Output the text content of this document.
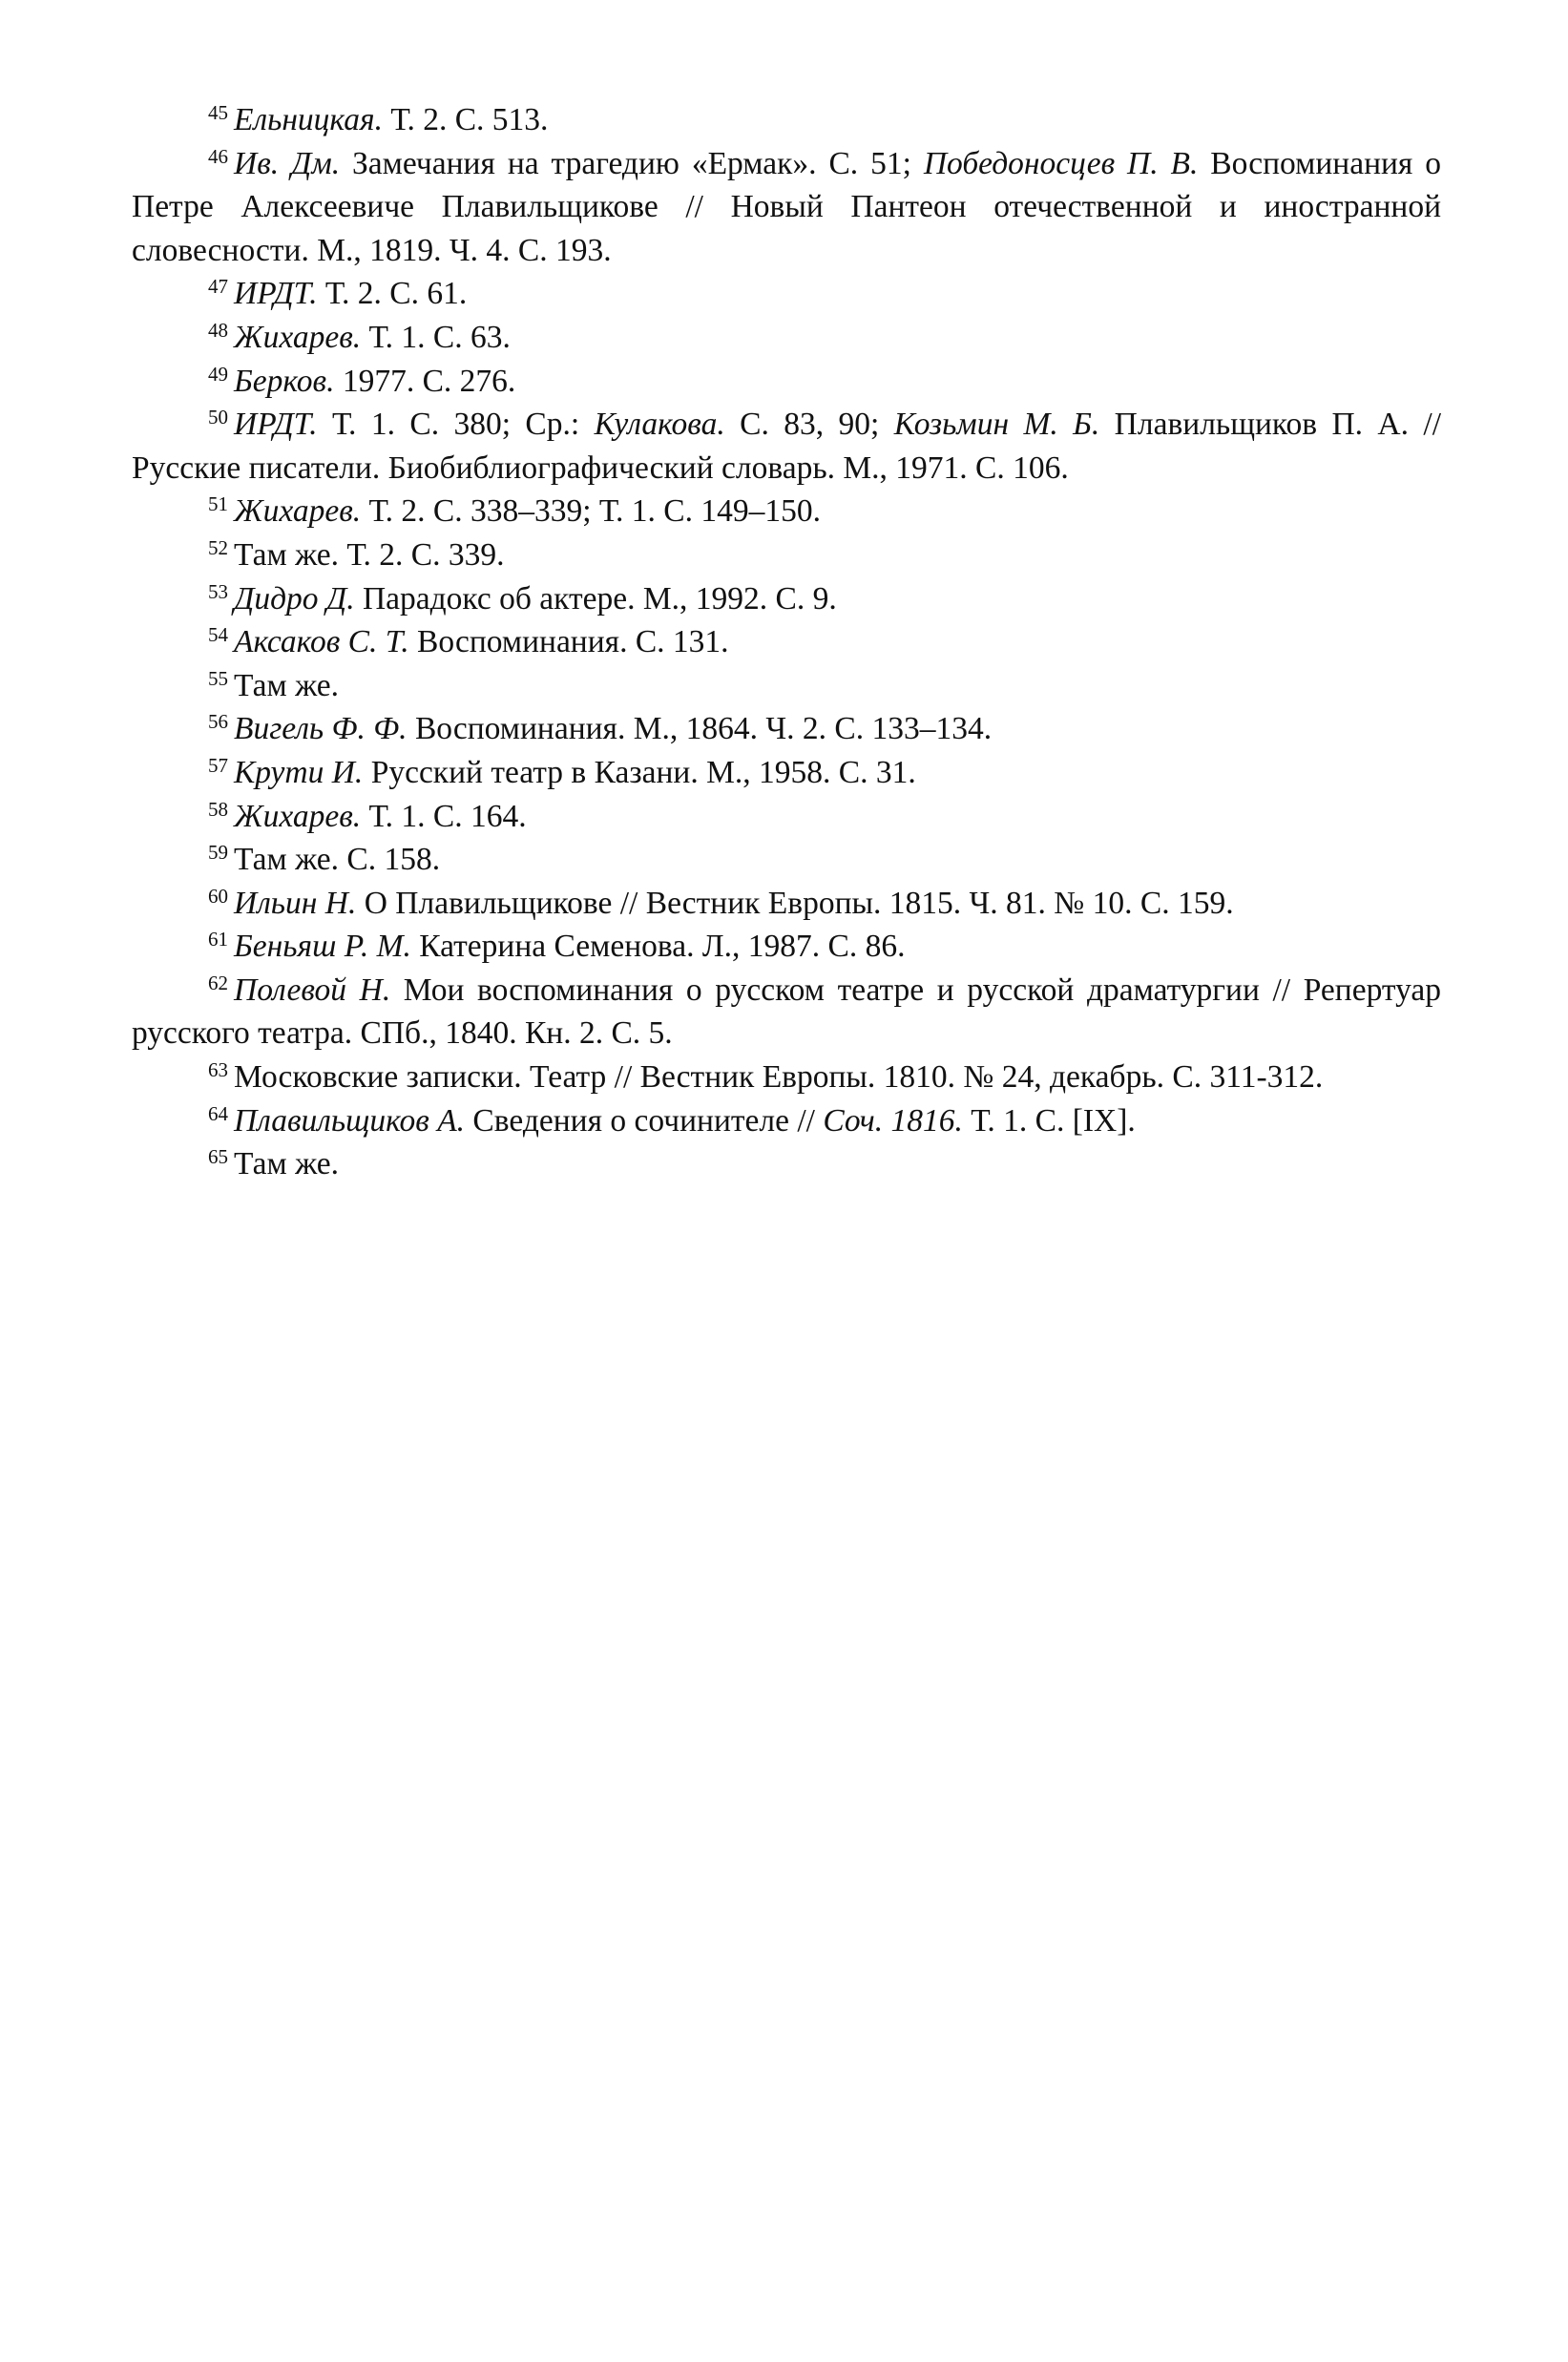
$^{45}$ Ельницкая. Т. 2. С. 513.

$^{46}$ Ив. Дм. Замечания на трагедию «Ермак». С. 51; Победоносцев П. В. Воспоминания о Петре Алексеевиче Плавильщикове // Новый Пантеон отечественной и иностранной словесности. М., 1819. Ч. 4. С. 193.

$^{47}$ ИРДТ. Т. 2. С. 61.

$^{48}$ Жихарев. Т. 1. С. 63.

$^{49}$ Берков. 1977. С. 276.

$^{50}$ ИРДТ. Т. 1. С. 380; Ср.: Кулакова. С. 83, 90; Козьмин М. Б. Плавильщиков П. А. // Русские писатели. Биобиблиографический словарь. М., 1971. С. 106.

$^{51}$ Жихарев. Т. 2. С. 338–339; Т. 1. С. 149–150.

$^{52}$ Там же. Т. 2. С. 339.

$^{53}$ Дидро Д. Парадокс об актере. М., 1992. С. 9.

$^{54}$ Аксаков С. Т. Воспоминания. С. 131.

$^{55}$ Там же.

$^{56}$ Вигель Ф. Ф. Воспоминания. М., 1864. Ч. 2. С. 133–134.

$^{57}$ Крути И. Русский театр в Казани. М., 1958. С. 31.

$^{58}$ Жихарев. Т. 1. С. 164.

$^{59}$ Там же. С. 158.

$^{60}$ Ильин Н. О Плавильщикове // Вестник Европы. 1815. Ч. 81. № 10. С. 159.

$^{61}$ Беньяш Р. М. Катерина Семенова. Л., 1987. С. 86.

$^{62}$ Полевой Н. Мои воспоминания о русском театре и русской драматургии // Репертуар русского театра. СПб., 1840. Кн. 2. С. 5.

$^{63}$ Московские записки. Театр // Вестник Европы. 1810. № 24, декабрь. С. 311-312.

$^{64}$ Плавильщиков А. Сведения о сочинителе // Соч. 1816. Т. 1. С. [IX].

$^{65}$ Там же.
